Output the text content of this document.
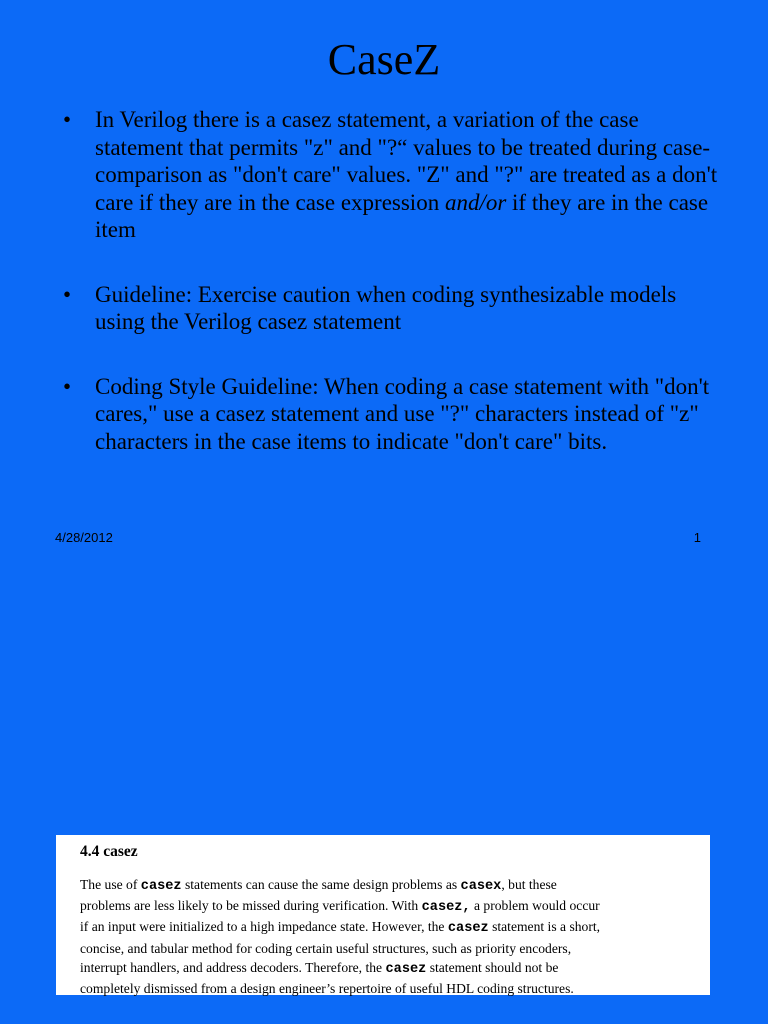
CaseZ
• In Verilog there is a casez statement, a variation of the case statement that permits "z" and "?“ values to be treated during case-comparison as "don't care" values. "Z" and "?" are treated as a don't care if they are in the case expression and/or if they are in the case item
• Guideline: Exercise caution when coding synthesizable models using the Verilog casez statement
• Coding Style Guideline: When coding a case statement with "don't cares," use a casez statement and use "?" characters instead of "z" characters in the case items to indicate "don't care" bits.
4/28/2012	1
4.4 casez
The use of casez statements can cause the same design problems as casex, but these
problems are less likely to be missed during verification. With casez, a problem would occur
if an input were initialized to a high impedance state. However, the casez statement is a short,
concise, and tabular method for coding certain useful structures, such as priority encoders,
interrupt handlers, and address decoders. Therefore, the casez statement should not be
completely dismissed from a design engineer’s repertoire of useful HDL coding structures.
